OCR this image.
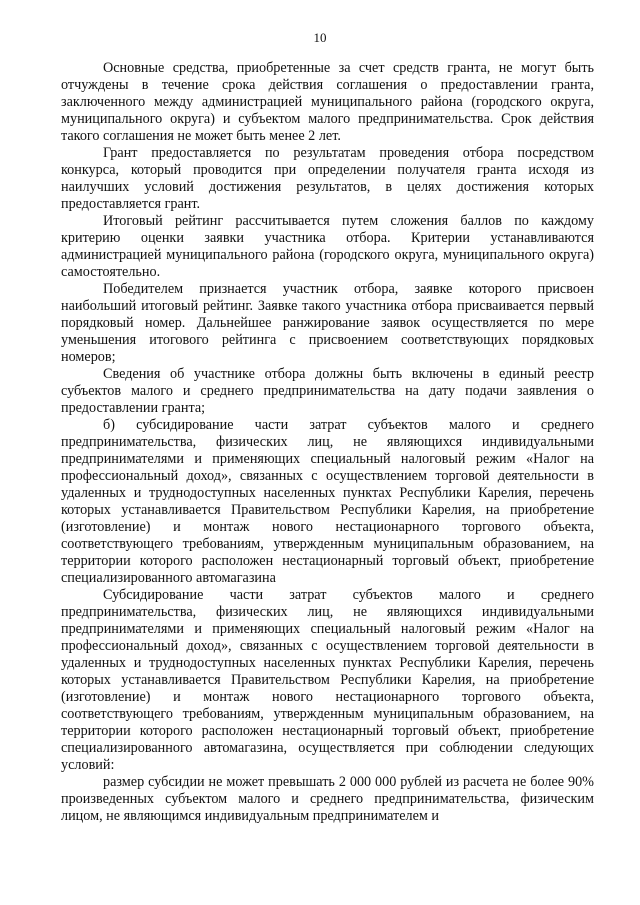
10

Основные средства, приобретенные за счет средств гранта, не могут быть отчуждены в течение срока действия соглашения о предоставлении гранта, заключенного между администрацией муниципального района (городского округа, муниципального округа) и субъектом малого предпринимательства. Срок действия такого соглашения не может быть менее 2 лет.

Грант предоставляется по результатам проведения отбора посредством конкурса, который проводится при определении получателя гранта исходя из наилучших условий достижения результатов, в целях достижения которых предоставляется грант.

Итоговый рейтинг рассчитывается путем сложения баллов по каждому критерию оценки заявки участника отбора. Критерии устанавливаются администрацией муниципального района (городского округа, муниципального округа) самостоятельно.

Победителем признается участник отбора, заявке которого присвоен наибольший итоговый рейтинг. Заявке такого участника отбора присваивается первый порядковый номер. Дальнейшее ранжирование заявок осуществляется по мере уменьшения итогового рейтинга с присвоением соответствующих порядковых номеров;

Сведения об участнике отбора должны быть включены в единый реестр субъектов малого и среднего предпринимательства на дату подачи заявления о предоставлении гранта;

б) субсидирование части затрат субъектов малого и среднего предпринимательства, физических лиц, не являющихся индивидуальными предпринимателями и применяющих специальный налоговый режим «Налог на профессиональный доход», связанных с осуществлением торговой деятельности в удаленных и труднодоступных населенных пунктах Республики Карелия, перечень которых устанавливается Правительством Республики Карелия, на приобретение (изготовление) и монтаж нового нестационарного торгового объекта, соответствующего требованиям, утвержденным муниципальным образованием, на территории которого расположен нестационарный торговый объект, приобретение специализированного автомагазина

Субсидирование части затрат субъектов малого и среднего предпринимательства, физических лиц, не являющихся индивидуальными предпринимателями и применяющих специальный налоговый режим «Налог на профессиональный доход», связанных с осуществлением торговой деятельности в удаленных и труднодоступных населенных пунктах Республики Карелия, перечень которых устанавливается Правительством Республики Карелия, на приобретение (изготовление) и монтаж нового нестационарного торгового объекта, соответствующего требованиям, утвержденным муниципальным образованием, на территории которого расположен нестационарный торговый объект, приобретение специализированного автомагазина, осуществляется при соблюдении следующих условий:

размер субсидии не может превышать 2 000 000 рублей из расчета не более 90% произведенных субъектом малого и среднего предпринимательства, физическим лицом, не являющимся индивидуальным предпринимателем и
